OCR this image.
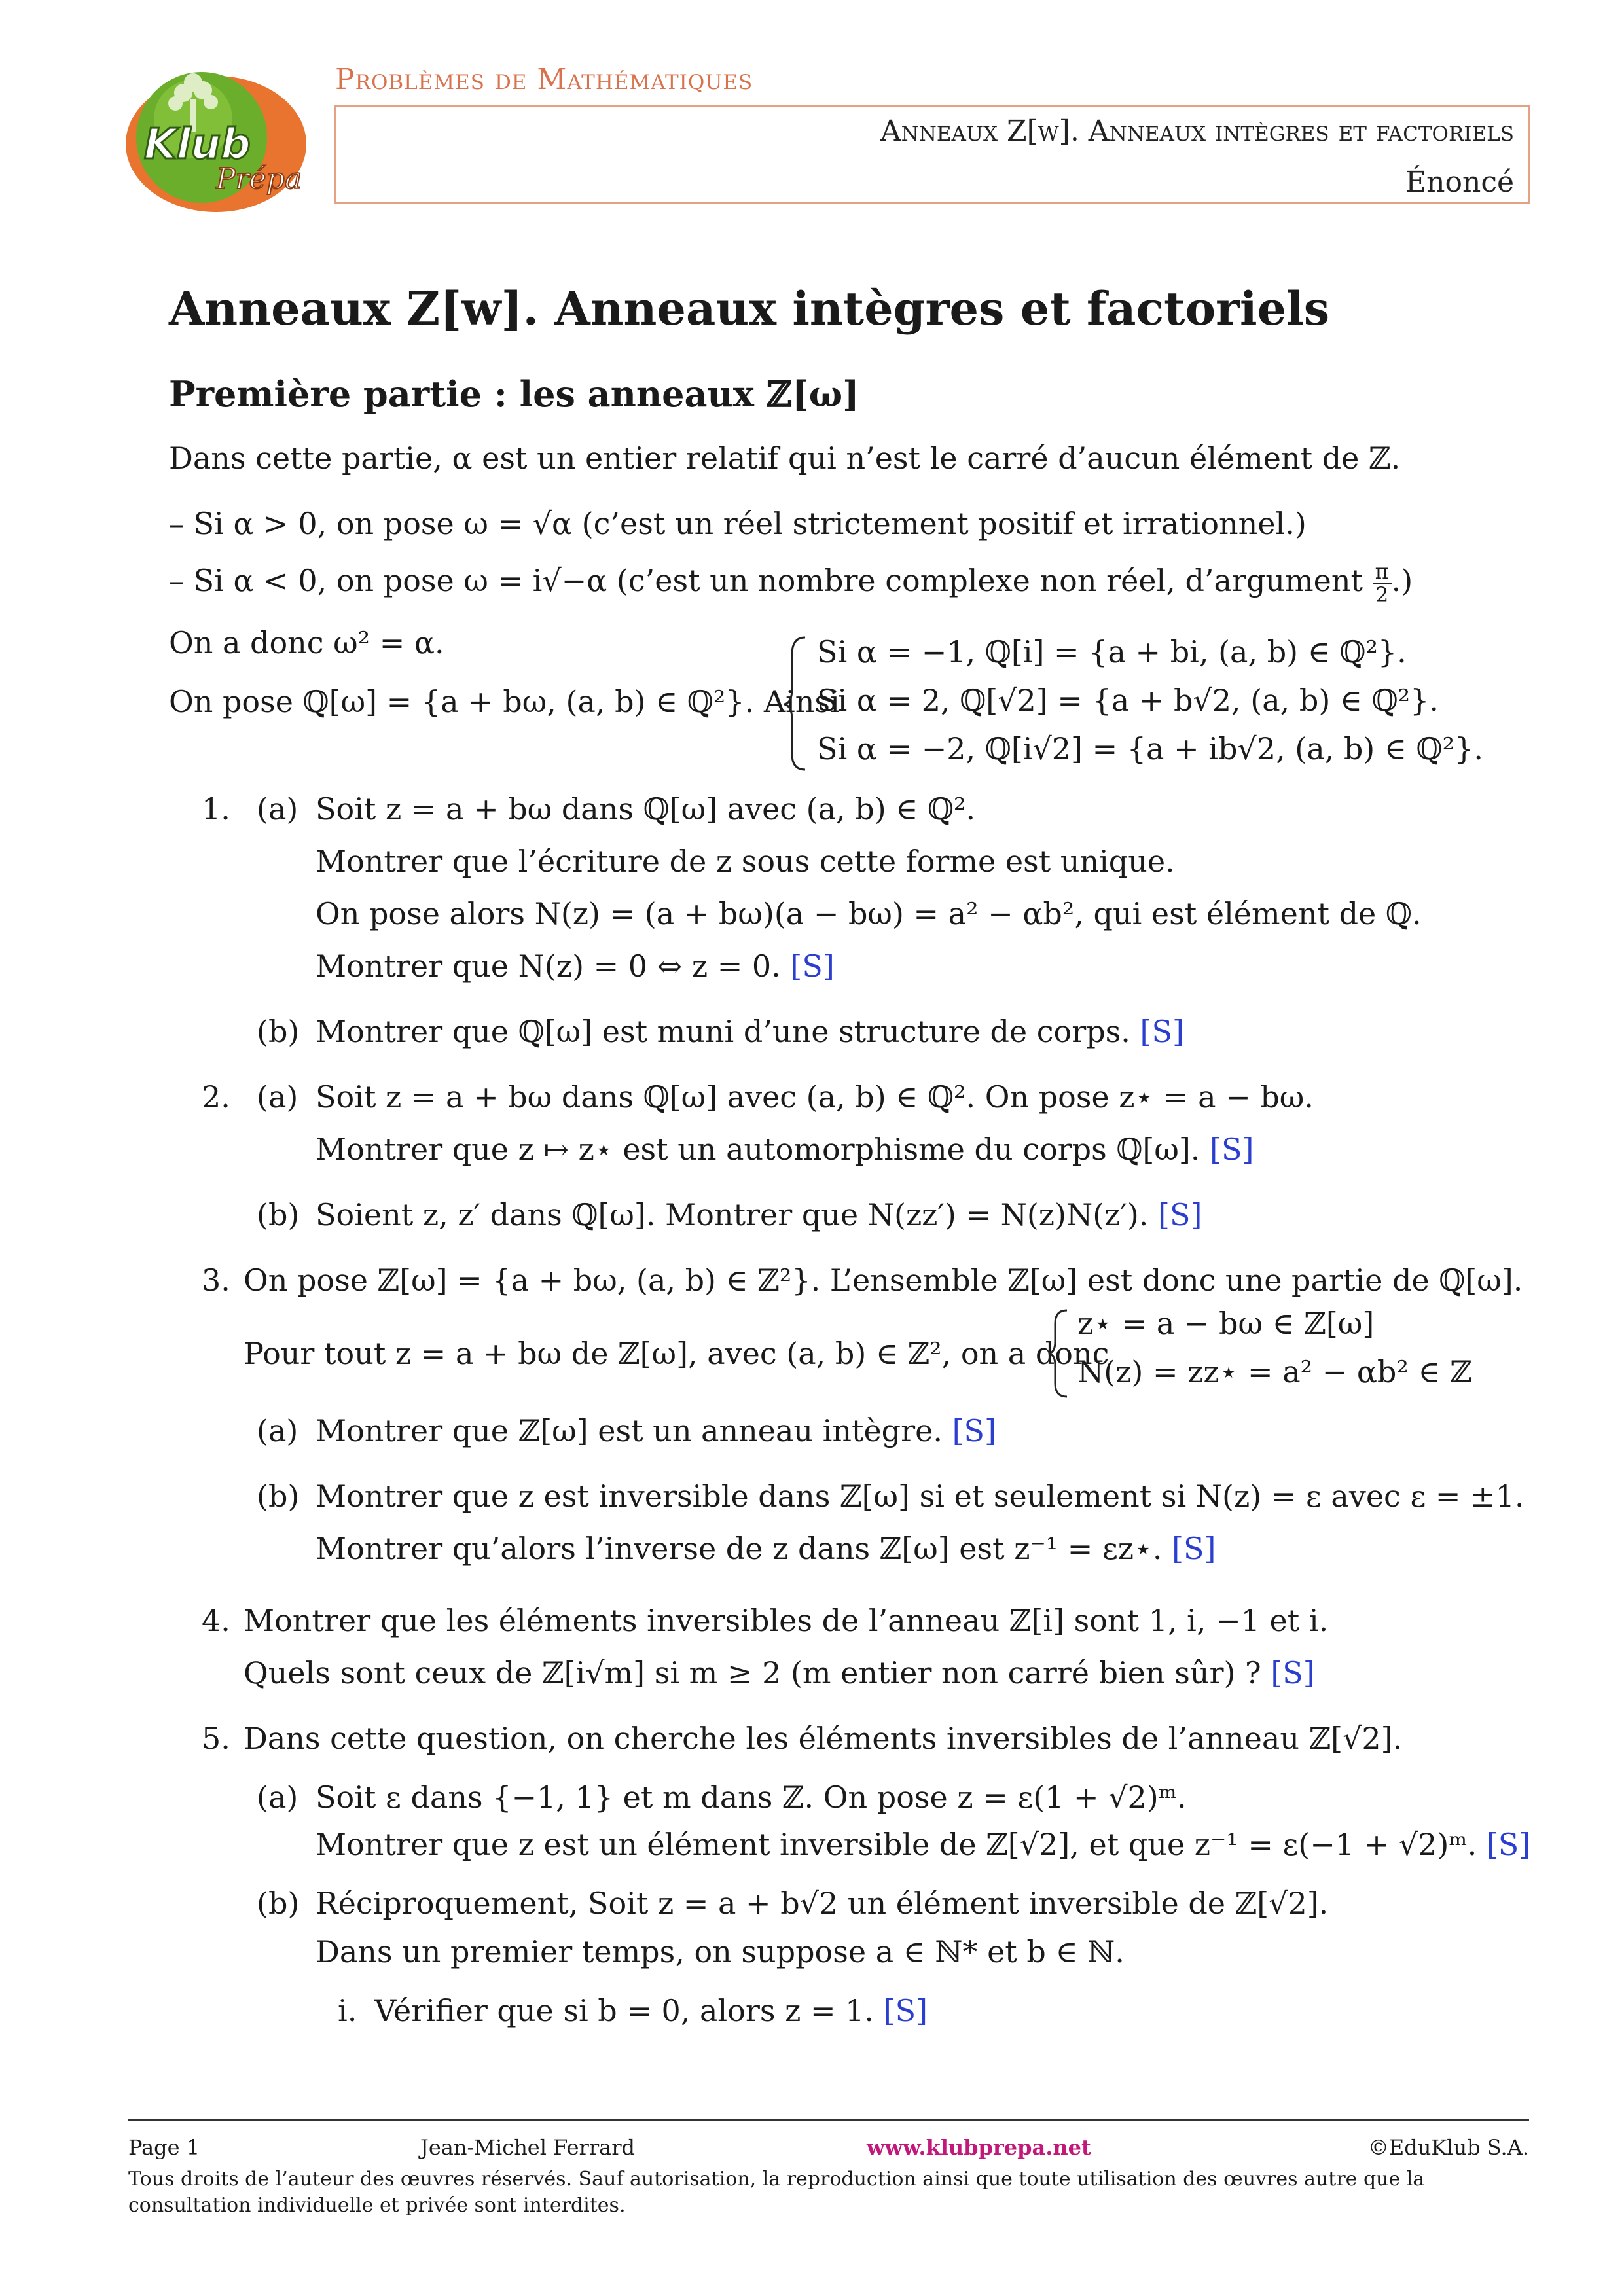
Klub
Prépa
Problèmes de Mathématiques
Anneaux Z[w]. Anneaux intègres et factoriels
Énoncé
Anneaux Z[w]. Anneaux intègres et factoriels
Première partie : les anneaux ℤ[ω]
Dans cette partie, α est un entier relatif qui n’est le carré d’aucun élément de ℤ.
– Si α > 0, on pose ω = √α (c’est un réel strictement positif et irrationnel.)
– Si α < 0, on pose ω = i√−α (c’est un nombre complexe non réel, d’argument $\frac{\pi}{2}$ .)
On a donc ω² = α.
On pose ℚ[ω] = {a + bω, (a, b) ∈ ℚ²}. Ainsi
Si α = −1, ℚ[i] = {a + bi, (a, b) ∈ ℚ²}.
Si α = 2, ℚ[√2] = {a + b√2, (a, b) ∈ ℚ²}.
Si α = −2, ℚ[i√2] = {a + ib√2, (a, b) ∈ ℚ²}.
1. (a) Soit z = a + bω dans ℚ[ω] avec (a, b) ∈ ℚ².
Montrer que l’écriture de z sous cette forme est unique.
On pose alors N(z) = (a + bω)(a − bω) = a² − αb², qui est élément de ℚ.
Montrer que N(z) = 0 ⇔ z = 0. [S]
(b) Montrer que ℚ[ω] est muni d’une structure de corps. [S]
2. (a) Soit z = a + bω dans ℚ[ω] avec (a, b) ∈ ℚ². On pose z⋆ = a − bω.
Montrer que z ↦ z⋆ est un automorphisme du corps ℚ[ω]. [S]
(b) Soient z, z′ dans ℚ[ω]. Montrer que N(zz′) = N(z)N(z′). [S]
3. On pose ℤ[ω] = {a + bω, (a, b) ∈ ℤ²}. L’ensemble ℤ[ω] est donc une partie de ℚ[ω].
Pour tout z = a + bω de ℤ[ω], avec (a, b) ∈ ℤ², on a donc
z⋆ = a − bω ∈ ℤ[ω]
N(z) = zz⋆ = a² − αb² ∈ ℤ
(a) Montrer que ℤ[ω] est un anneau intègre. [S]
(b) Montrer que z est inversible dans ℤ[ω] si et seulement si N(z) = ε avec ε = ±1.
Montrer qu’alors l’inverse de z dans ℤ[ω] est z⁻¹ = εz⋆. [S]
4. Montrer que les éléments inversibles de l’anneau ℤ[i] sont 1, i, −1 et i.
Quels sont ceux de ℤ[i√m] si m ≥ 2 (m entier non carré bien sûr) ? [S]
5. Dans cette question, on cherche les éléments inversibles de l’anneau ℤ[√2].
(a) Soit ε dans {−1, 1} et m dans ℤ. On pose z = ε(1 + √2)ᵐ.
Montrer que z est un élément inversible de ℤ[√2], et que z⁻¹ = ε(−1 + √2)ᵐ. [S]
(b) Réciproquement, Soit z = a + b√2 un élément inversible de ℤ[√2].
Dans un premier temps, on suppose a ∈ ℕ* et b ∈ ℕ.
i. Vérifier que si b = 0, alors z = 1. [S]
Page 1	Jean-Michel Ferrard	www.klubprepa.net	©EduKlub S.A.
Tous droits de l’auteur des œuvres réservés. Sauf autorisation, la reproduction ainsi que toute utilisation des œuvres autre que la consultation individuelle et privée sont interdites.
